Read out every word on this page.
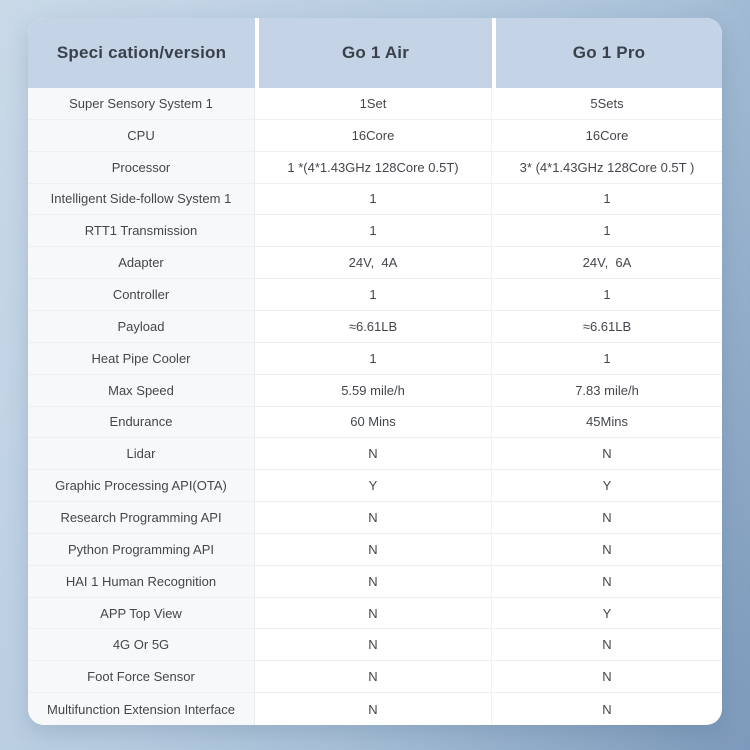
Speci cation/version	Go 1 Air	Go 1 Pro
Super Sensory System 1	1Set	5Sets
CPU	16Core	16Core
Processor	1 *(4*1.43GHz 128Core 0.5T)	3* (4*1.43GHz 128Core 0.5T )
Intelligent Side-follow System 1	1	1
RTT1 Transmission	1	1
Adapter	24V,  4A	24V,  6A
Controller	1	1
Payload	≈6.61LB	≈6.61LB
Heat Pipe Cooler	1	1
Max Speed	5.59 mile/h	7.83 mile/h
Endurance	60 Mins	45Mins
Lidar	N	N
Graphic Processing API(OTA)	Y	Y
Research Programming API	N	N
Python Programming API	N	N
HAI 1 Human Recognition	N	N
APP Top View	N	Y
4G Or 5G	N	N
Foot Force Sensor	N	N
Multifunction Extension Interface	N	N
